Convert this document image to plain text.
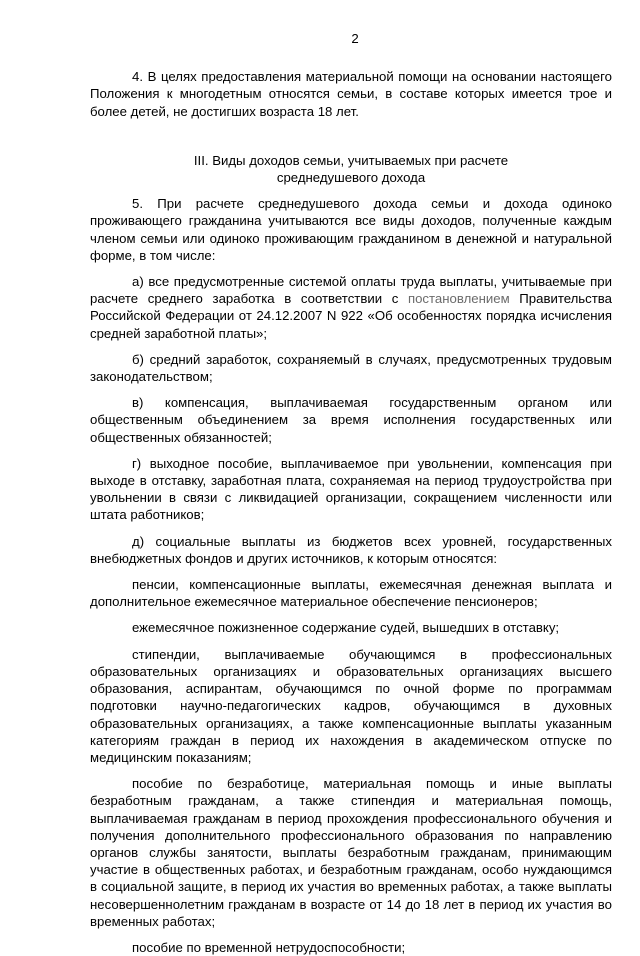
2

4. В целях предоставления материальной помощи на основании настоящего Положения к многодетным относятся семьи, в составе которых имеется трое и более детей, не достигших возраста 18 лет.

III. Виды доходов семьи, учитываемых при расчете
среднедушевого дохода

5. При расчете среднедушевого дохода семьи и дохода одиноко проживающего гражданина учитываются все виды доходов, полученные каждым членом семьи или одиноко проживающим гражданином в денежной и натуральной форме, в том числе:

а) все предусмотренные системой оплаты труда выплаты, учитываемые при расчете среднего заработка в соответствии с постановлением Правительства Российской Федерации от 24.12.2007 N 922 «Об особенностях порядка исчисления средней заработной платы»;

б) средний заработок, сохраняемый в случаях, предусмотренных трудовым законодательством;

в) компенсация, выплачиваемая государственным органом или общественным объединением за время исполнения государственных или общественных обязанностей;

г) выходное пособие, выплачиваемое при увольнении, компенсация при выходе в отставку, заработная плата, сохраняемая на период трудоустройства при увольнении в связи с ликвидацией организации, сокращением численности или штата работников;

д) социальные выплаты из бюджетов всех уровней, государственных внебюджетных фондов и других источников, к которым относятся:

пенсии, компенсационные выплаты, ежемесячная денежная выплата и дополнительное ежемесячное материальное обеспечение пенсионеров;

ежемесячное пожизненное содержание судей, вышедших в отставку;

стипендии, выплачиваемые обучающимся в профессиональных образовательных организациях и образовательных организациях высшего образования, аспирантам, обучающимся по очной форме по программам подготовки научно-педагогических кадров, обучающимся в духовных образовательных организациях, а также компенсационные выплаты указанным категориям граждан в период их нахождения в академическом отпуске по медицинским показаниям;

пособие по безработице, материальная помощь и иные выплаты безработным гражданам, а также стипендия и материальная помощь, выплачиваемая гражданам в период прохождения профессионального обучения и получения дополнительного профессионального образования по направлению органов службы занятости, выплаты безработным гражданам, принимающим участие в общественных работах, и безработным гражданам, особо нуждающимся в социальной защите, в период их участия во временных работах, а также выплаты несовершеннолетним гражданам в возрасте от 14 до 18 лет в период их участия во временных работах;

пособие по временной нетрудоспособности;
